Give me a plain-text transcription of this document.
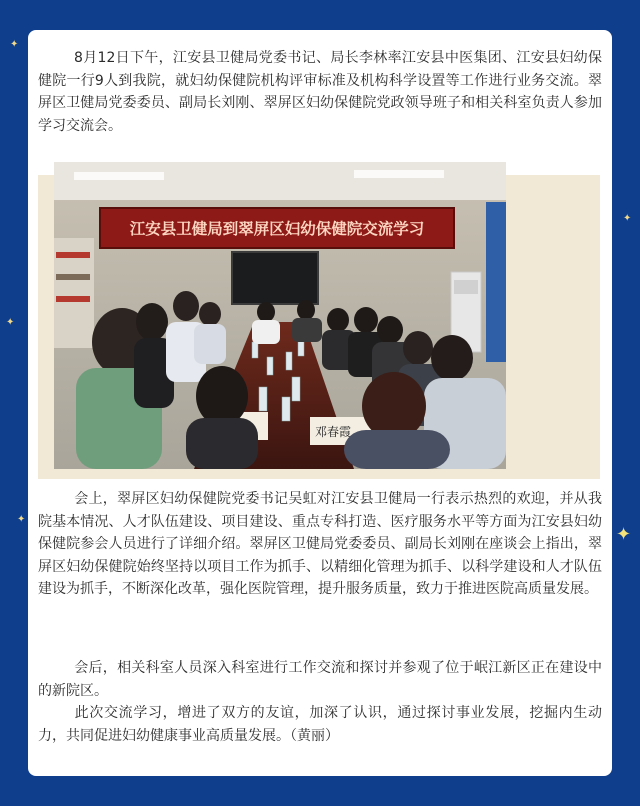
✦
✦
✦
✦
✦

8月12日下午，江安县卫健局党委书记、局长李林率江安县中医集团、江安县妇幼保健院一行9人到我院，就妇幼保健院机构评审标准及机构科学设置等工作进行业务交流。翠屏区卫健局党委委员、副局长刘刚、翠屏区妇幼保健院党政领导班子和相关科室负责人参加学习交流会。

江安县卫健局到翠屏区妇幼保健院交流学习
邓春霞

会上，翠屏区妇幼保健院党委书记吴虹对江安县卫健局一行表示热烈的欢迎，并从我院基本情况、人才队伍建设、项目建设、重点专科打造、医疗服务水平等方面为江安县妇幼保健院参会人员进行了详细介绍。翠屏区卫健局党委委员、副局长刘刚在座谈会上指出，翠屏区妇幼保健院始终坚持以项目工作为抓手、以精细化管理为抓手、以科学建设和人才队伍建设为抓手，不断深化改革，强化医院管理，提升服务质量，致力于推进医院高质量发展。

会后，相关科室人员深入科室进行工作交流和探讨并参观了位于岷江新区正在建设中的新院区。

此次交流学习，增进了双方的友谊，加深了认识，通过探讨事业发展，挖掘内生动力，共同促进妇幼健康事业高质量发展。（黄丽）
